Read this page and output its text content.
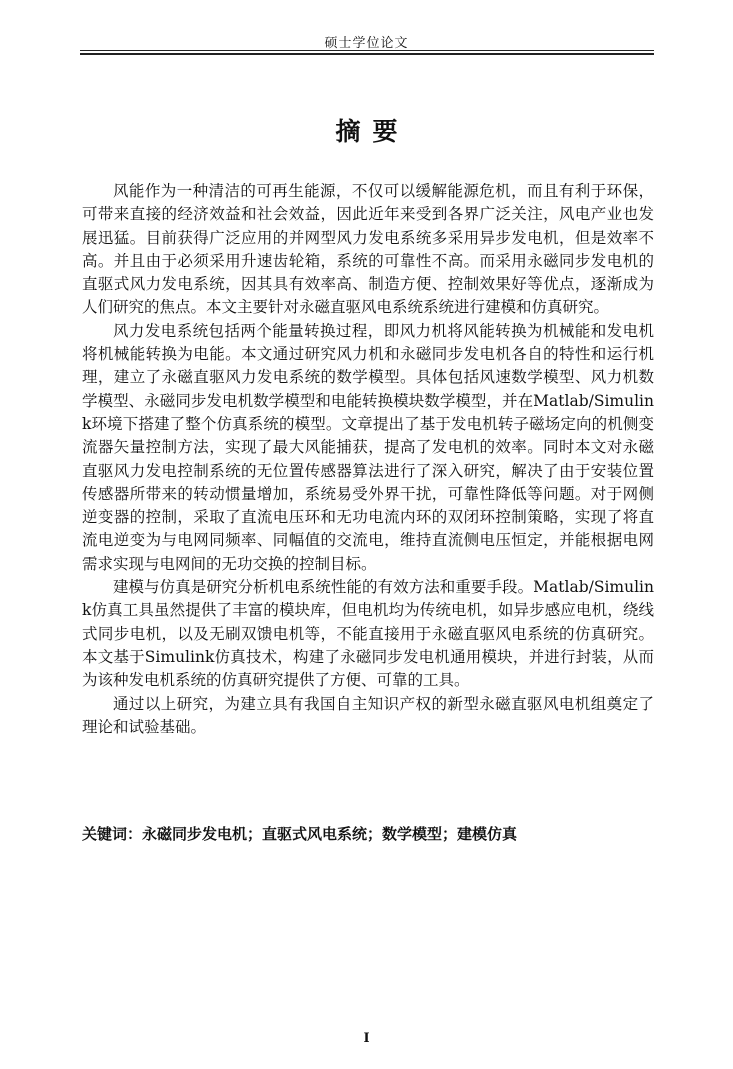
硕士学位论文
摘要

风能作为一种清洁的可再生能源，不仅可以缓解能源危机，而且有利于环保，可带来直接的经济效益和社会效益，因此近年来受到各界广泛关注，风电产业也发展迅猛。目前获得广泛应用的并网型风力发电系统多采用异步发电机，但是效率不高。并且由于必须采用升速齿轮箱，系统的可靠性不高。而采用永磁同步发电机的直驱式风力发电系统，因其具有效率高、制造方便、控制效果好等优点，逐渐成为人们研究的焦点。本文主要针对永磁直驱风电系统系统进行建模和仿真研究。

风力发电系统包括两个能量转换过程，即风力机将风能转换为机械能和发电机将机械能转换为电能。本文通过研究风力机和永磁同步发电机各自的特性和运行机理，建立了永磁直驱风力发电系统的数学模型。具体包括风速数学模型、风力机数学模型、永磁同步发电机数学模型和电能转换模块数学模型，并在Matlab/Simulink环境下搭建了整个仿真系统的模型。文章提出了基于发电机转子磁场定向的机侧变流器矢量控制方法，实现了最大风能捕获，提高了发电机的效率。同时本文对永磁直驱风力发电控制系统的无位置传感器算法进行了深入研究，解决了由于安装位置传感器所带来的转动惯量增加，系统易受外界干扰，可靠性降低等问题。对于网侧逆变器的控制，采取了直流电压环和无功电流内环的双闭环控制策略，实现了将直流电逆变为与电网同频率、同幅值的交流电，维持直流侧电压恒定，并能根据电网需求实现与电网间的无功交换的控制目标。

建模与仿真是研究分析机电系统性能的有效方法和重要手段。Matlab/Simulink仿真工具虽然提供了丰富的模块库，但电机均为传统电机，如异步感应电机，绕线式同步电机，以及无刷双馈电机等，不能直接用于永磁直驱风电系统的仿真研究。本文基于Simulink仿真技术，构建了永磁同步发电机通用模块，并进行封装，从而为该种发电机系统的仿真研究提供了方便、可靠的工具。

通过以上研究，为建立具有我国自主知识产权的新型永磁直驱风电机组奠定了理论和试验基础。

关键词：永磁同步发电机；直驱式风电系统；数学模型；建模仿真
I
